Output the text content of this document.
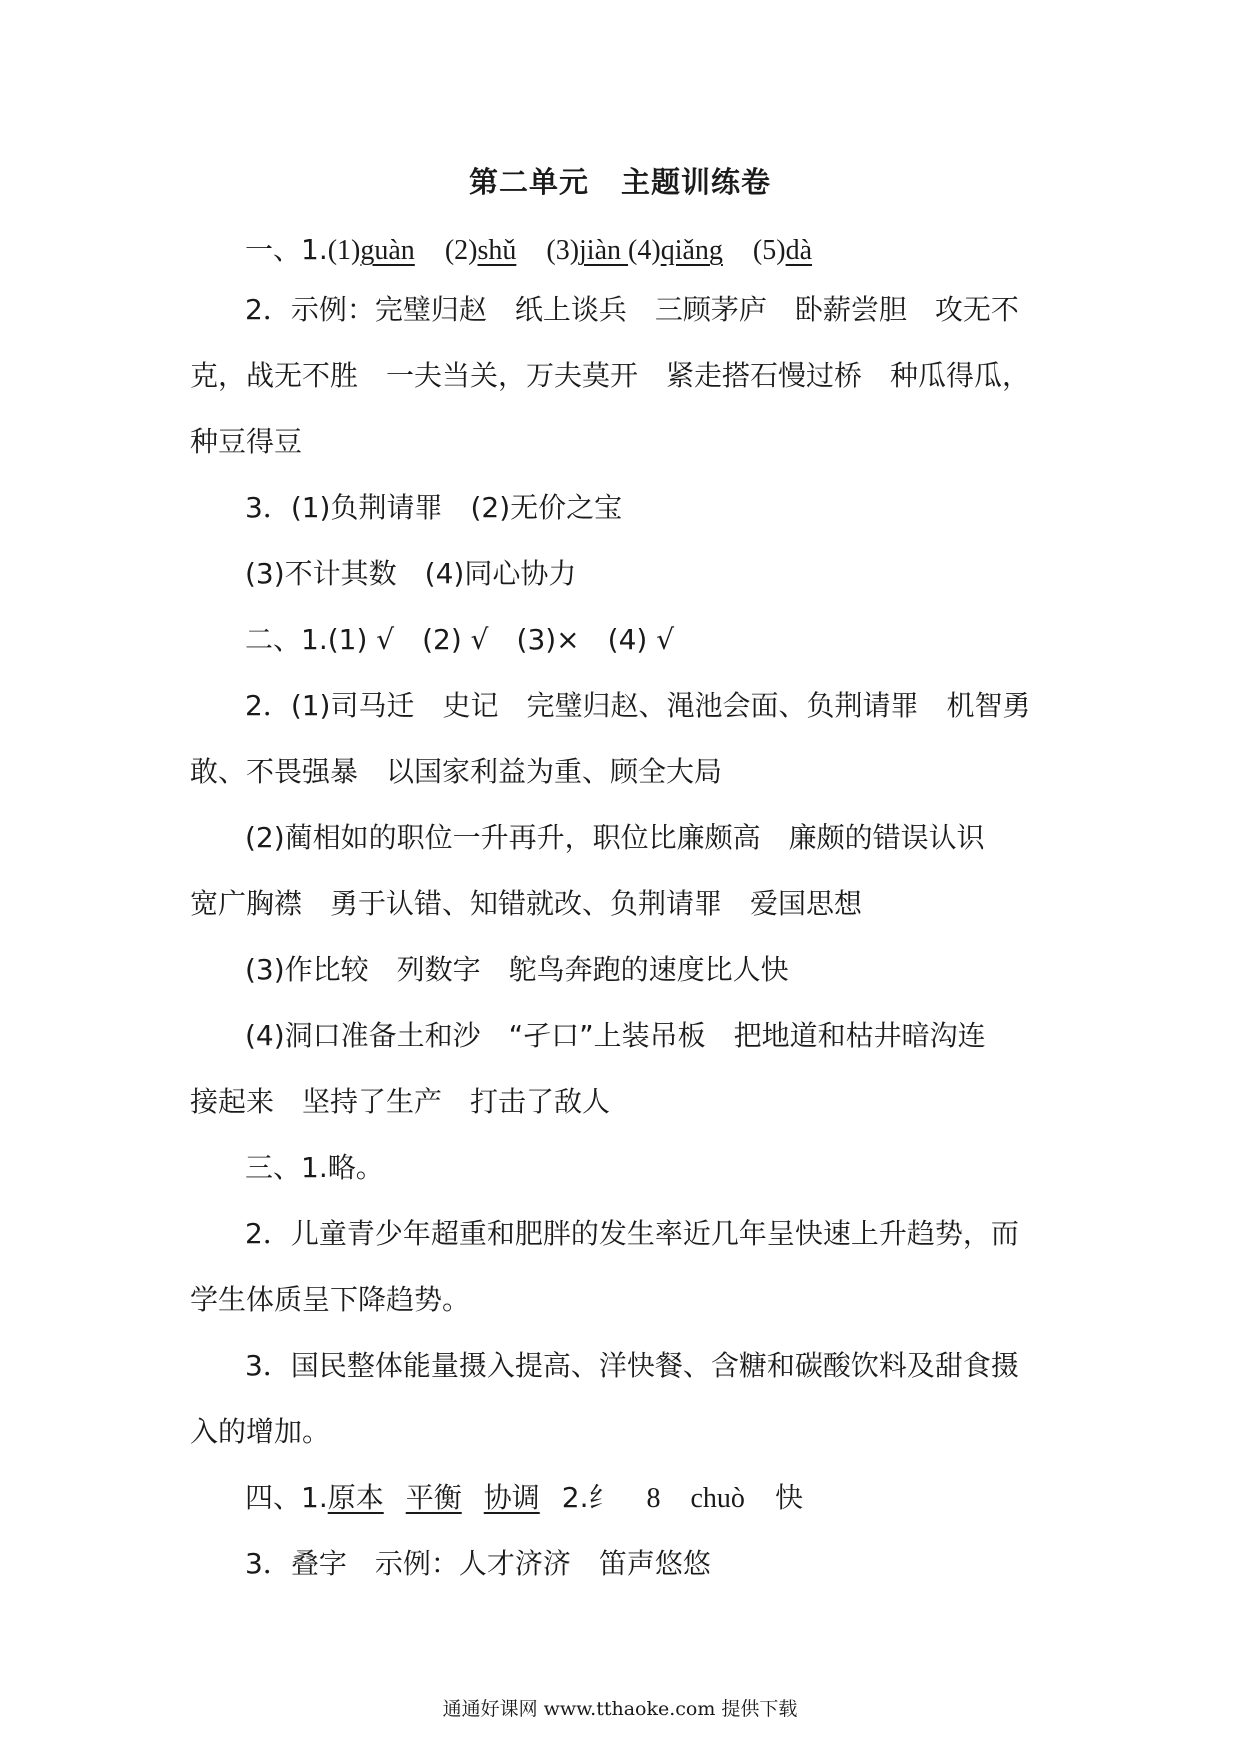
第二单元 主题训练卷
一、1.(1)guàn (2)shǔ (3)jiàn (4)qiǎng (5)dà
2．示例：完璧归赵　纸上谈兵　三顾茅庐　卧薪尝胆　攻无不
克，战无不胜　一夫当关，万夫莫开　紧走搭石慢过桥　种瓜得瓜，
种豆得豆
3．(1)负荆请罪　(2)无价之宝
(3)不计其数　(4)同心协力
二、1.(1) √　(2) √　(3)×　(4) √
2．(1)司马迁　史记　完璧归赵、渑池会面、负荆请罪　机智勇
敢、不畏强暴　以国家利益为重、顾全大局
(2)蔺相如的职位一升再升，职位比廉颇高　廉颇的错误认识
宽广胸襟　勇于认错、知错就改、负荆请罪　爱国思想
(3)作比较　列数字　鸵鸟奔跑的速度比人快
(4)洞口准备土和沙　“孑口”上装吊板　把地道和枯井暗沟连
接起来　坚持了生产　打击了敌人
三、1.略。
2．儿童青少年超重和肥胖的发生率近几年呈快速上升趋势，而
学生体质呈下降趋势。
3．国民整体能量摄入提高、洋快餐、含糖和碳酸饮料及甜食摄
入的增加。
四、1.原本 平衡 协调 2.纟 8 chuò 快
3．叠字　示例：人才济济　笛声悠悠
通通好课网 www.tthaoke.com 提供下载
